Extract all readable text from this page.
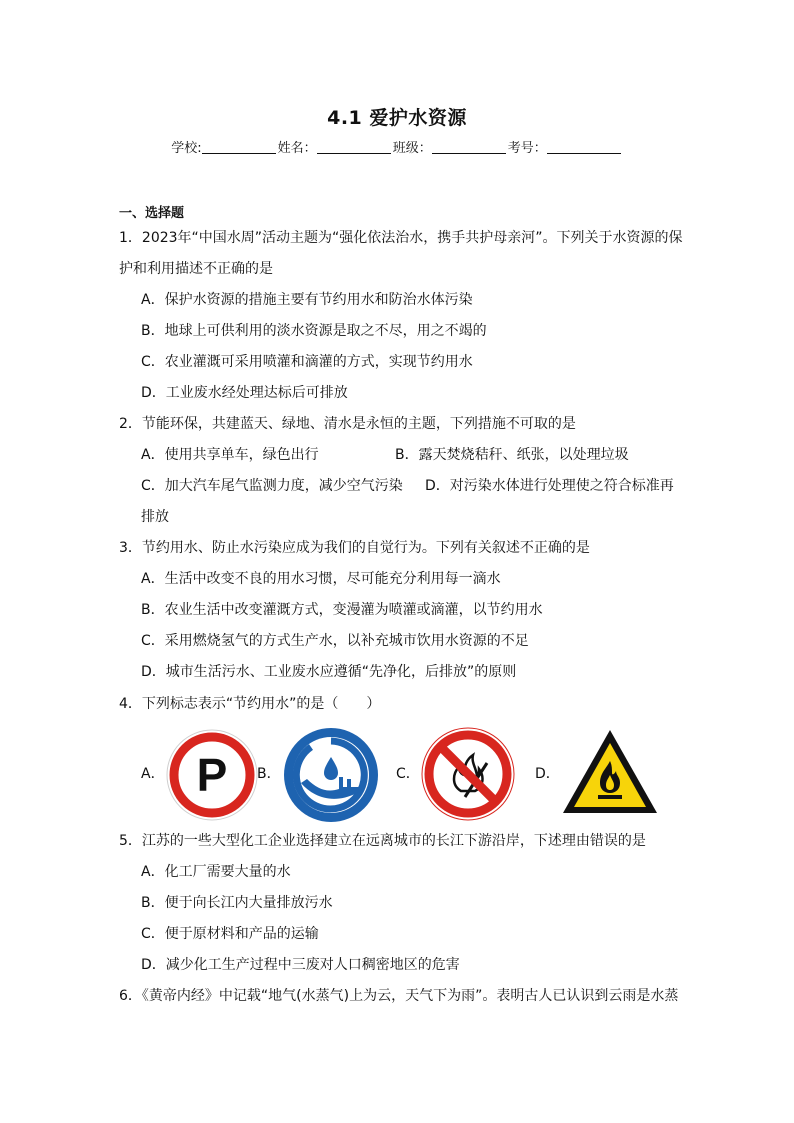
4.1 爱护水资源
学校:	姓名：	班级：	考号：
一、选择题
1．2023年“中国水周”活动主题为“强化依法治水，携手共护母亲河”。下列关于水资源的保
护和利用描述不正确的是
A．保护水资源的措施主要有节约用水和防治水体污染
B．地球上可供利用的淡水资源是取之不尽，用之不竭的
C．农业灌溉可采用喷灌和滴灌的方式，实现节约用水
D．工业废水经处理达标后可排放
2．节能环保，共建蓝天、绿地、清水是永恒的主题，下列措施不可取的是
A．使用共享单车，绿色出行	B．露天焚烧秸秆、纸张，以处理垃圾
C．加大汽车尾气监测力度，减少空气污染 D．对污染水体进行处理使之符合标准再
排放
3．节约用水、防止水污染应成为我们的自觉行为。下列有关叙述不正确的是
A．生活中改变不良的用水习惯，尽可能充分利用每一滴水
B．农业生活中改变灌溉方式，变漫灌为喷灌或滴灌，以节约用水
C．采用燃烧氢气的方式生产水，以补充城市饮用水资源的不足
D．城市生活污水、工业废水应遵循“先净化，后排放”的原则
4．下列标志表示“节约用水”的是（　　）
A． P B．	C．	D．
5．江苏的一些大型化工企业选择建立在远离城市的长江下游沿岸，下述理由错误的是
A．化工厂需要大量的水
B．便于向长江内大量排放污水
C．便于原材料和产品的运输
D．减少化工生产过程中三废对人口稠密地区的危害
6．《黄帝内经》中记载“地气(水蒸气)上为云，天气下为雨”。表明古人已认识到云雨是水蒸
